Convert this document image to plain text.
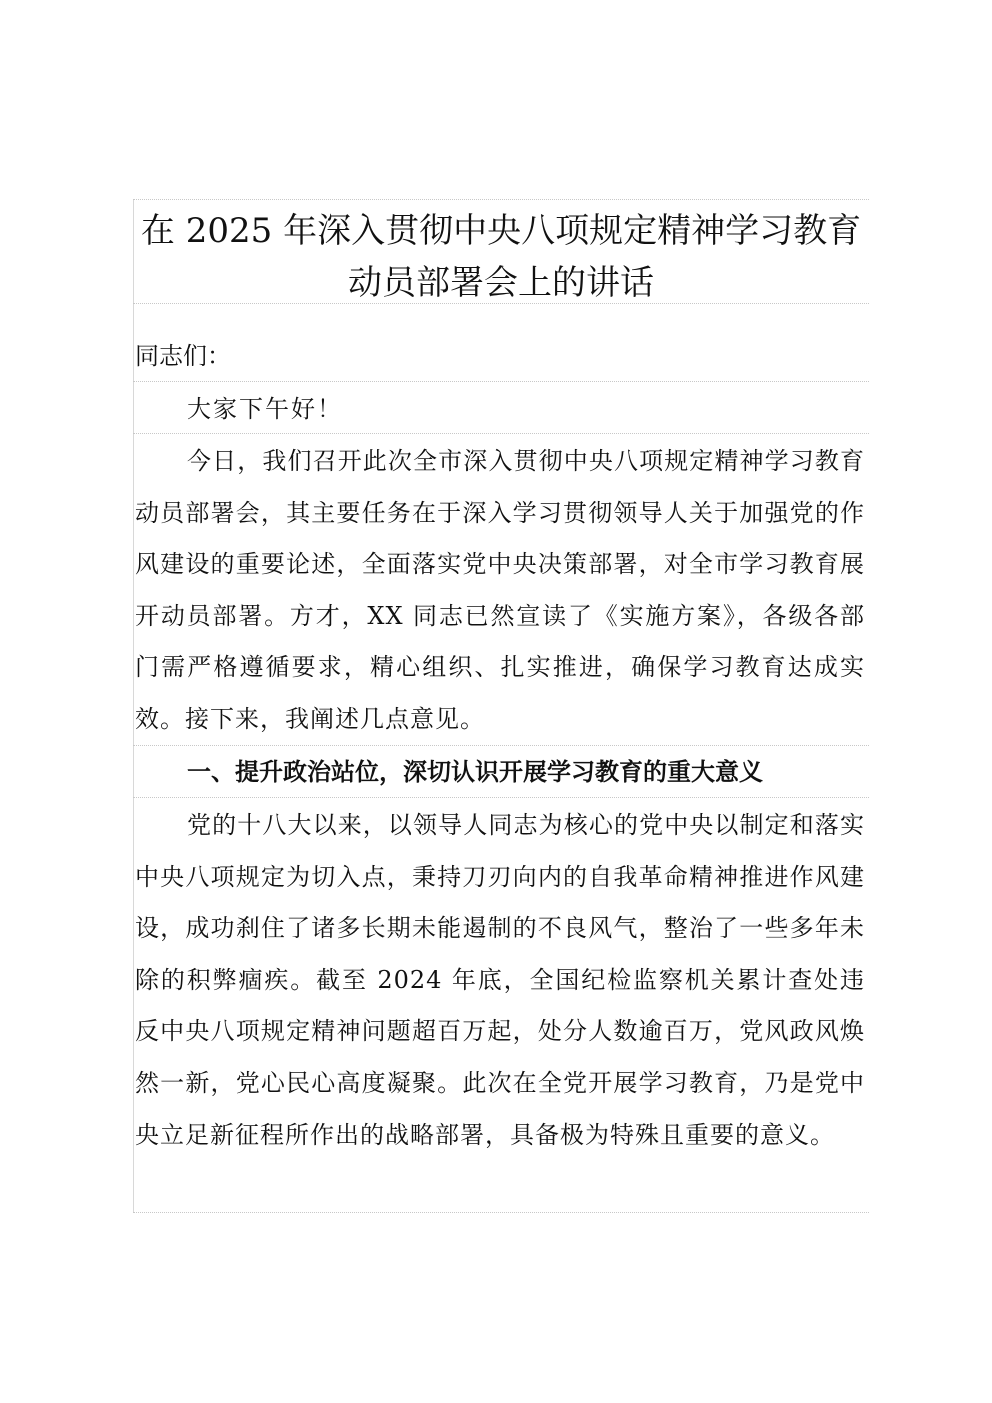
在 2025 年深入贯彻中央八项规定精神学习教育动员部署会上的讲话
同志们：
大家下午好！
今日，我们召开此次全市深入贯彻中央八项规定精神学习教育动员部署会，其主要任务在于深入学习贯彻领导人关于加强党的作风建设的重要论述，全面落实党中央决策部署，对全市学习教育展开动员部署。方才，XX 同志已然宣读了《实施方案》，各级各部门需严格遵循要求，精心组织、扎实推进，确保学习教育达成实效。接下来，我阐述几点意见。
一、提升政治站位，深切认识开展学习教育的重大意义
党的十八大以来，以领导人同志为核心的党中央以制定和落实中央八项规定为切入点，秉持刀刃向内的自我革命精神推进作风建设，成功刹住了诸多长期未能遏制的不良风气，整治了一些多年未除的积弊痼疾。截至 2024 年底，全国纪检监察机关累计查处违反中央八项规定精神问题超百万起，处分人数逾百万，党风政风焕然一新，党心民心高度凝聚。此次在全党开展学习教育，乃是党中央立足新征程所作出的战略部署，具备极为特殊且重要的意义。
